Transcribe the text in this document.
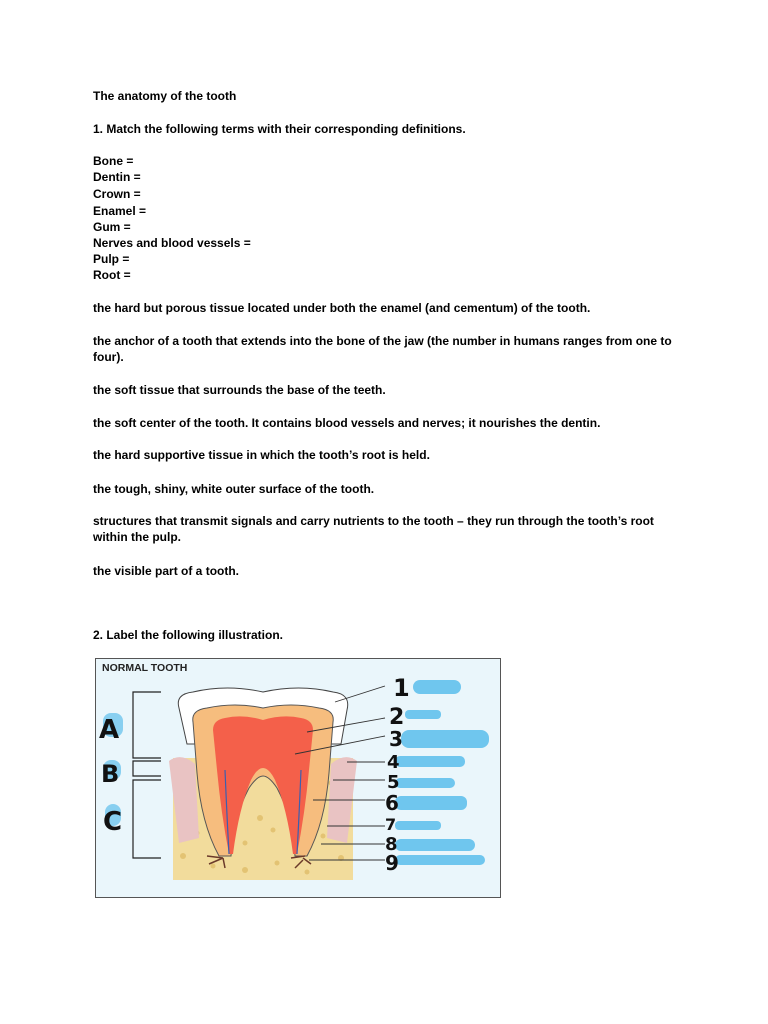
The anatomy of the tooth
1. Match the following terms with their corresponding definitions.
Bone =
Dentin =
Crown =
Enamel =
Gum =
Nerves and blood vessels =
Pulp =
Root =
the hard but porous tissue located under both the enamel (and cementum) of the tooth.
the anchor of a tooth that extends into the bone of the jaw (the number in humans ranges from one to four).
the soft tissue that surrounds the base of the teeth.
the soft center of the tooth. It contains blood vessels and nerves; it nourishes the dentin.
the hard supportive tissue in which the tooth’s root is held.
the tough, shiny, white outer surface of the tooth.
structures that transmit signals and carry nutrients to the tooth – they run through the tooth’s root within the pulp.
the visible part of a tooth.
2. Label the following illustration.
NORMAL TOOTH
A
B
C
1
2
3
4
5
6
7
8
9
